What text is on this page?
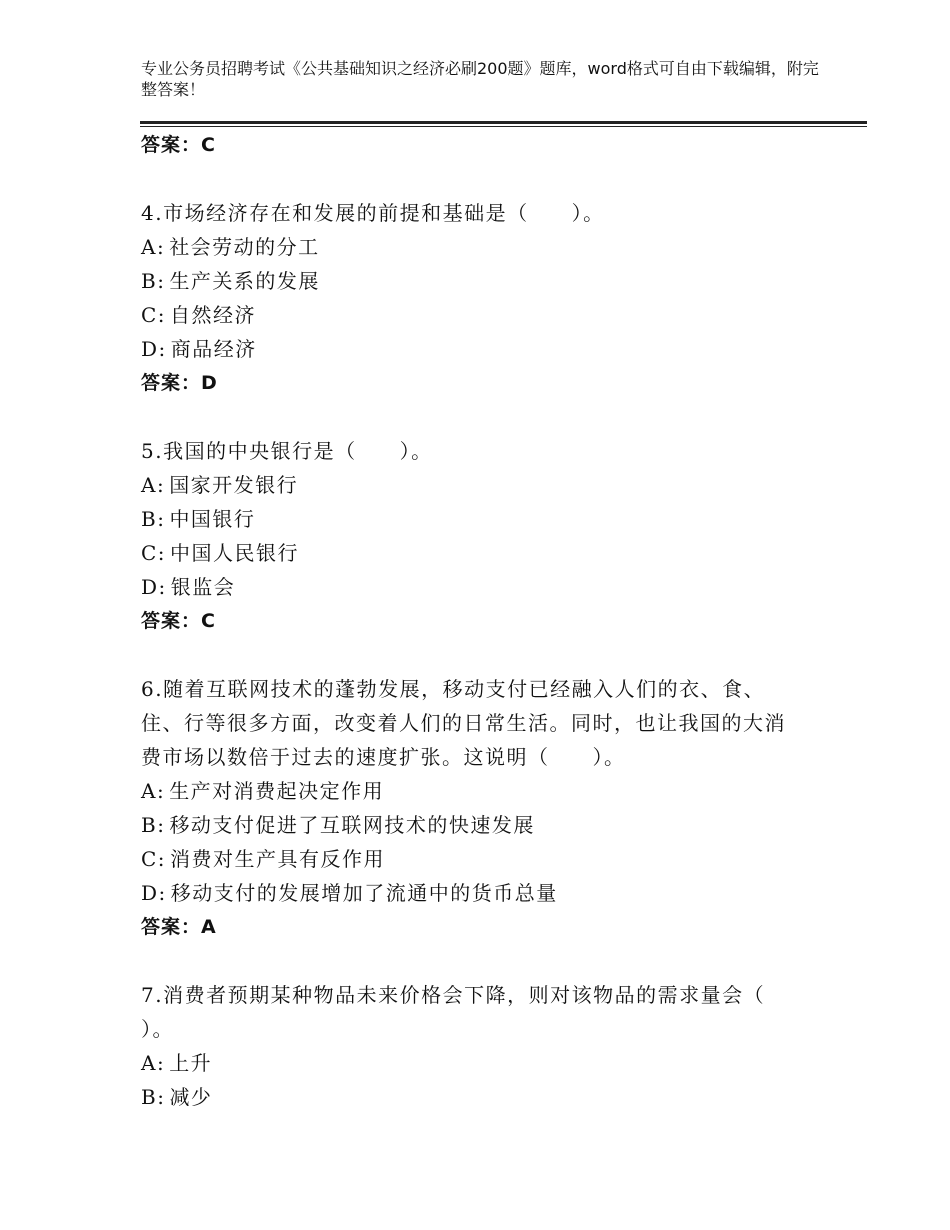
专业公务员招聘考试《公共基础知识之经济必刷200题》题库，word格式可自由下载编辑，附完整答案！
答案：C
4.市场经济存在和发展的前提和基础是（　　）。
A: 社会劳动的分工
B: 生产关系的发展
C: 自然经济
D: 商品经济
答案：D
5.我国的中央银行是（　　）。
A: 国家开发银行
B: 中国银行
C: 中国人民银行
D: 银监会
答案：C
6.随着互联网技术的蓬勃发展，移动支付已经融入人们的衣、食、
住、行等很多方面，改变着人们的日常生活。同时，也让我国的大消
费市场以数倍于过去的速度扩张。这说明（　　）。
A: 生产对消费起决定作用
B: 移动支付促进了互联网技术的快速发展
C: 消费对生产具有反作用
D: 移动支付的发展增加了流通中的货币总量
答案：A
7.消费者预期某种物品未来价格会下降，则对该物品的需求量会（
）。
A: 上升
B: 减少
